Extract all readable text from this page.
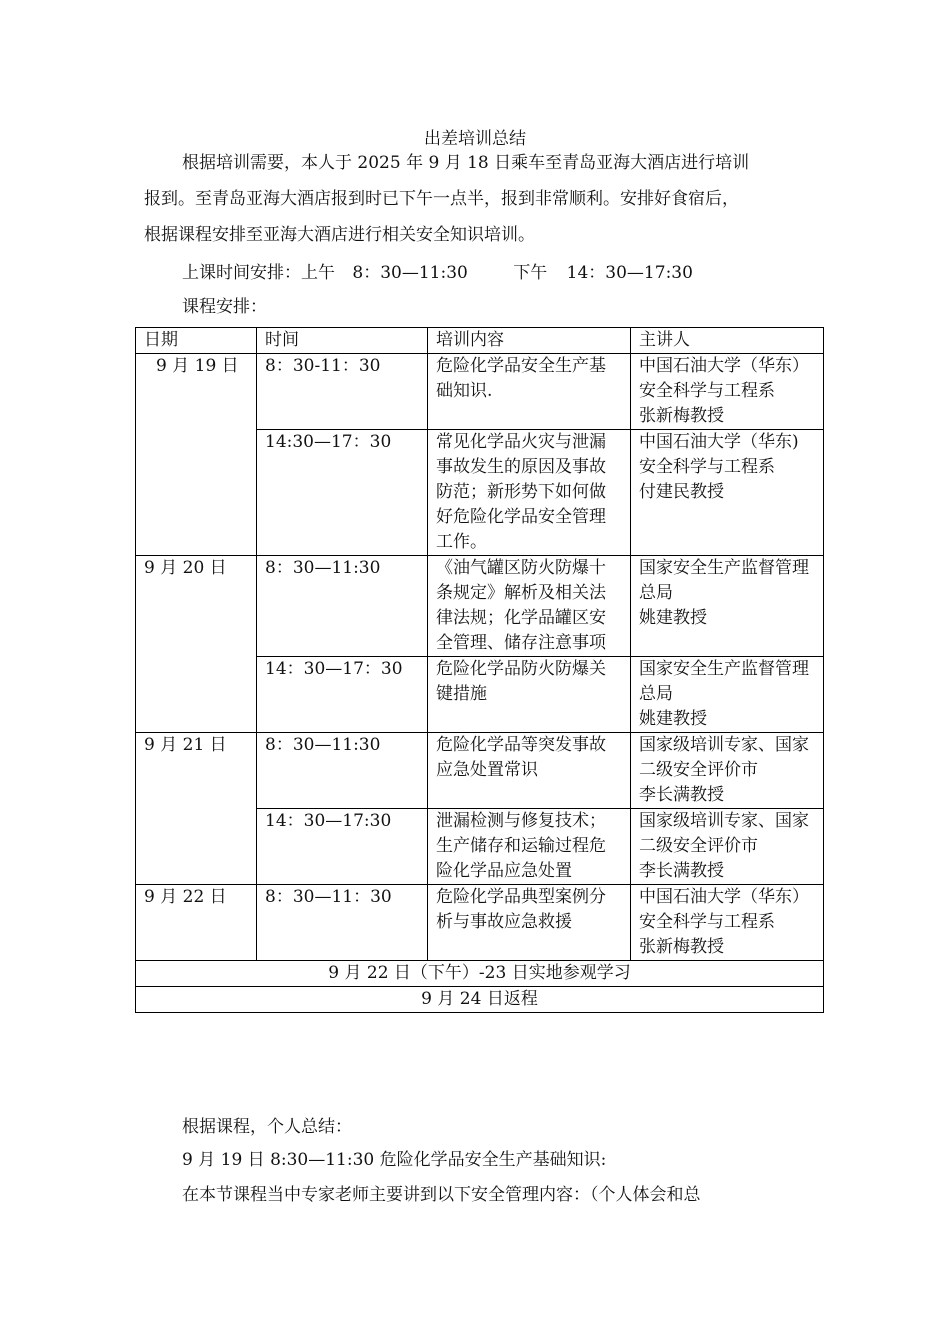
出差培训总结
根据培训需要，本人于 2025 年 9 月 18 日乘车至青岛亚海大酒店进行培训
报到。至青岛亚海大酒店报到时已下午一点半，报到非常顺利。安排好食宿后，
根据课程安排至亚海大酒店进行相关安全知识培训。
上课时间安排：上午 8：30—11:30	下午 14：30—17:30
课程安排：
日期	时间	培训内容	主讲人
9 月 19 日	8：30-11：30	危险化学品安全生产基础知识.	中国石油大学（华东）安全科学与工程系
张新梅教授
	14:30—17：30	常见化学品火灾与泄漏事故发生的原因及事故防范；新形势下如何做好危险化学品安全管理工作。	中国石油大学（华东)安全科学与工程系
付建民教授
9 月 20 日	8：30—11:30	《油气罐区防火防爆十条规定》解析及相关法律法规；化学品罐区安全管理、储存注意事项	国家安全生产监督管理总局
姚建教授
	14：30—17：30	危险化学品防火防爆关键措施	国家安全生产监督管理总局
姚建教授
9 月 21 日	8：30—11:30	危险化学品等突发事故应急处置常识	国家级培训专家、国家二级安全评价市
李长满教授
	14：30—17:30	泄漏检测与修复技术；生产储存和运输过程危险化学品应急处置	国家级培训专家、国家二级安全评价市
李长满教授
9 月 22 日	8：30—11：30	危险化学品典型案例分析与事故应急救援	中国石油大学（华东）安全科学与工程系
张新梅教授
9 月 22 日（下午）-23 日实地参观学习			
9 月 24 日返程			
根据课程，个人总结：
9 月 19 日 8:30—11:30 危险化学品安全生产基础知识:
在本节课程当中专家老师主要讲到以下安全管理内容：（个人体会和总
